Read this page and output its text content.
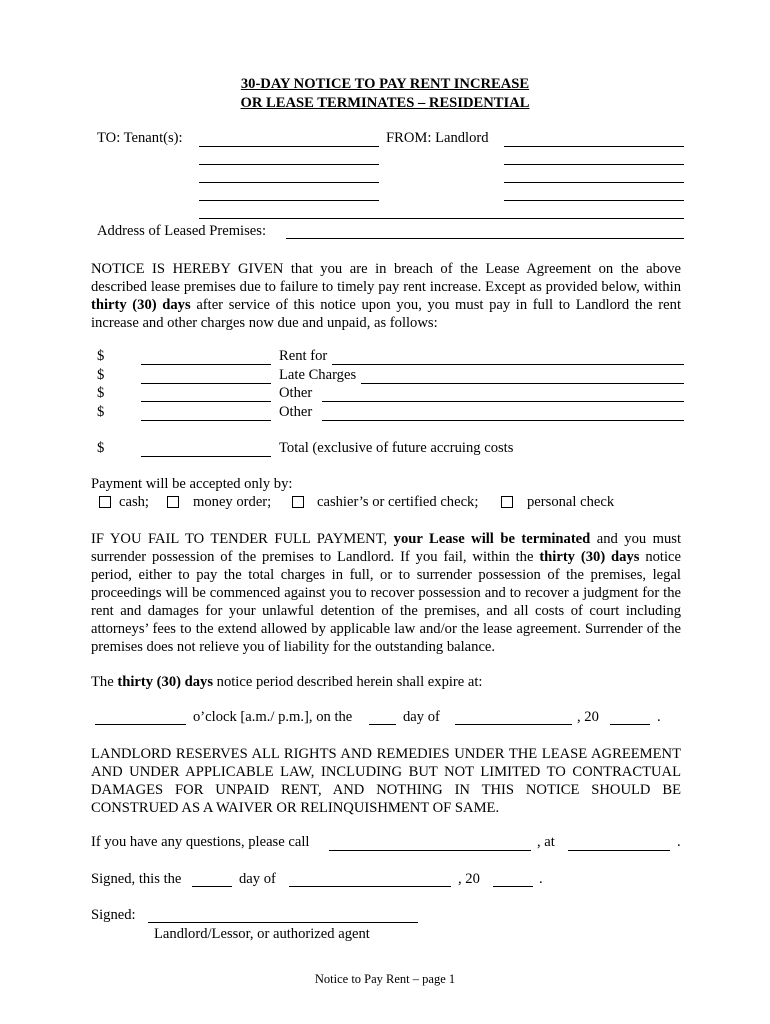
30-DAY NOTICE TO PAY RENT INCREASE
OR LEASE TERMINATES – RESIDENTIAL
TO: Tenant(s):	FROM: Landlord
Address of Leased Premises:
NOTICE IS HEREBY GIVEN that you are in breach of the Lease Agreement on the above described lease premises due to failure to timely pay rent increase. Except as provided below, within thirty (30) days after service of this notice upon you, you must pay in full to Landlord the rent increase and other charges now due and unpaid, as follows:
$	Rent for
$	Late Charges
$	Other
$	Other
$	Total (exclusive of future accruing costs
Payment will be accepted only by:
cash;	money order;	cashier’s or certified check;	personal check
IF YOU FAIL TO TENDER FULL PAYMENT, your Lease will be terminated and you must surrender possession of the premises to Landlord. If you fail, within the thirty (30) days notice period, either to pay the total charges in full, or to surrender possession of the premises, legal proceedings will be commenced against you to recover possession and to recover a judgment for the rent and damages for your unlawful detention of the premises, and all costs of court including attorneys’ fees to the extend allowed by applicable law and/or the lease agreement. Surrender of the premises does not relieve you of liability for the outstanding balance.
The thirty (30) days notice period described herein shall expire at:
o’clock [a.m./ p.m.], on the	day of	, 20	.
LANDLORD RESERVES ALL RIGHTS AND REMEDIES UNDER THE LEASE AGREEMENT AND UNDER APPLICABLE LAW, INCLUDING BUT NOT LIMITED TO CONTRACTUAL DAMAGES FOR UNPAID RENT, AND NOTHING IN THIS NOTICE SHOULD BE CONSTRUED AS A WAIVER OR RELINQUISHMENT OF SAME.
If you have any questions, please call	, at	.
Signed, this the	day of	, 20	.
Signed:
Landlord/Lessor, or authorized agent
Notice to Pay Rent – page 1
